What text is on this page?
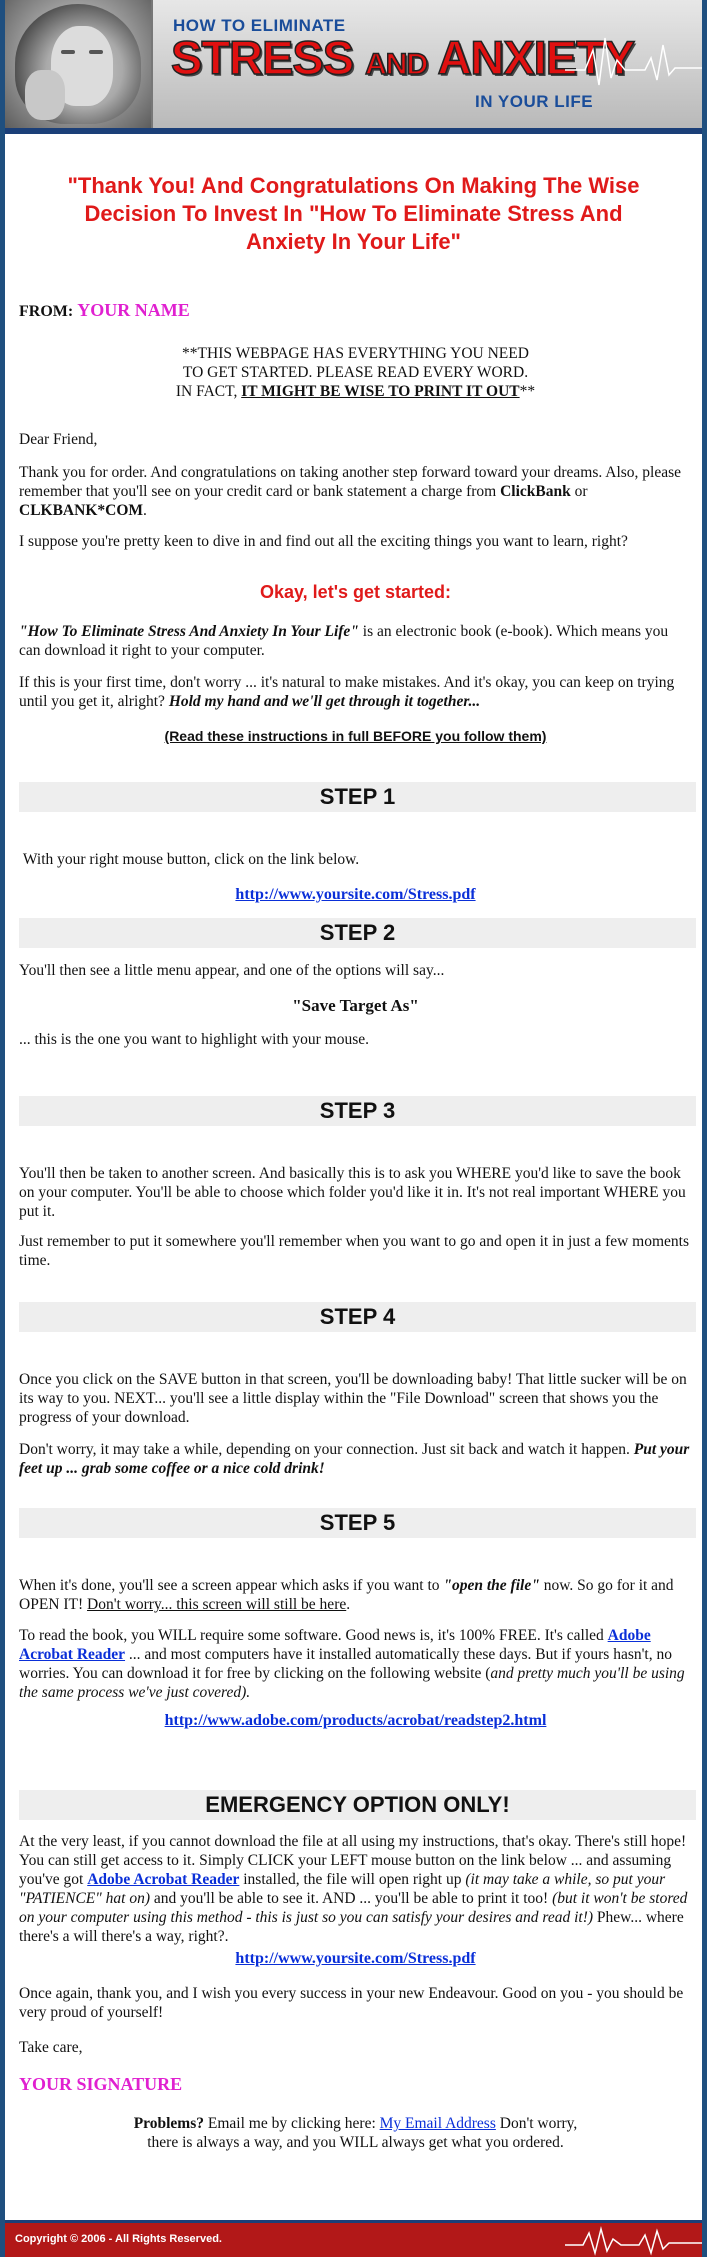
HOW TO ELIMINATE
STRESS AND ANXIETY
IN YOUR LIFE
"Thank You! And Congratulations On Making The Wise Decision To Invest In "How To Eliminate Stress And Anxiety In Your Life"
FROM: YOUR NAME

**THIS WEBPAGE HAS EVERYTHING YOU NEED

TO GET STARTED. PLEASE READ EVERY WORD.

IN FACT, IT MIGHT BE WISE TO PRINT IT OUT**

Dear Friend,

Thank you for order. And congratulations on taking another step forward toward your dreams. Also, please remember that you'll see on your credit card or bank statement a charge from ClickBank or CLKBANK*COM.

I suppose you're pretty keen to dive in and find out all the exciting things you want to learn, right?

Okay, let's get started:

"How To Eliminate Stress And Anxiety In Your Life" is an electronic book (e-book). Which means you can download it right to your computer.

If this is your first time, don't worry ... it's natural to make mistakes. And it's okay, you can keep on trying until you get it, alright? Hold my hand and we'll get through it together...

(Read these instructions in full BEFORE you follow them)

STEP 1

With your right mouse button, click on the link below.

http://www.yoursite.com/Stress.pdf
STEP 2

You'll then see a little menu appear, and one of the options will say...

"Save Target As"

... this is the one you want to highlight with your mouse.

STEP 3

You'll then be taken to another screen. And basically this is to ask you WHERE you'd like to save the book on your computer. You'll be able to choose which folder you'd like it in. It's not real important WHERE you put it.

Just remember to put it somewhere you'll remember when you want to go and open it in just a few moments time.

STEP 4

Once you click on the SAVE button in that screen, you'll be downloading baby! That little sucker will be on its way to you. NEXT... you'll see a little display within the "File Download" screen that shows you the progress of your download.

Don't worry, it may take a while, depending on your connection. Just sit back and watch it happen. Put your feet up ... grab some coffee or a nice cold drink!

STEP 5

When it's done, you'll see a screen appear which asks if you want to "open the file" now. So go for it and OPEN IT! Don't worry... this screen will still be here.

To read the book, you WILL require some software. Good news is, it's 100% FREE. It's called Adobe Acrobat Reader ... and most computers have it installed automatically these days. But if yours hasn't, no worries. You can download it for free by clicking on the following website (and pretty much you'll be using the same process we've just covered).

http://www.adobe.com/products/acrobat/readstep2.html
EMERGENCY OPTION ONLY!

At the very least, if you cannot download the file at all using my instructions, that's okay. There's still hope! You can still get access to it. Simply CLICK your LEFT mouse button on the link below ... and assuming you've got Adobe Acrobat Reader installed, the file will open right up (it may take a while, so put your "PATIENCE" hat on) and you'll be able to see it. AND ... you'll be able to print it too! (but it won't be stored on your computer using this method - this is just so you can satisfy your desires and read it!) Phew... where there's a will there's a way, right?.

http://www.yoursite.com/Stress.pdf

Once again, thank you, and I wish you every success in your new Endeavour. Good on you - you should be very proud of yourself!

Take care,

YOUR SIGNATURE

Problems? Email me by clicking here: My Email Address Don't worry,

there is always a way, and you WILL always get what you ordered.

Copyright © 2006 - All Rights Reserved.
